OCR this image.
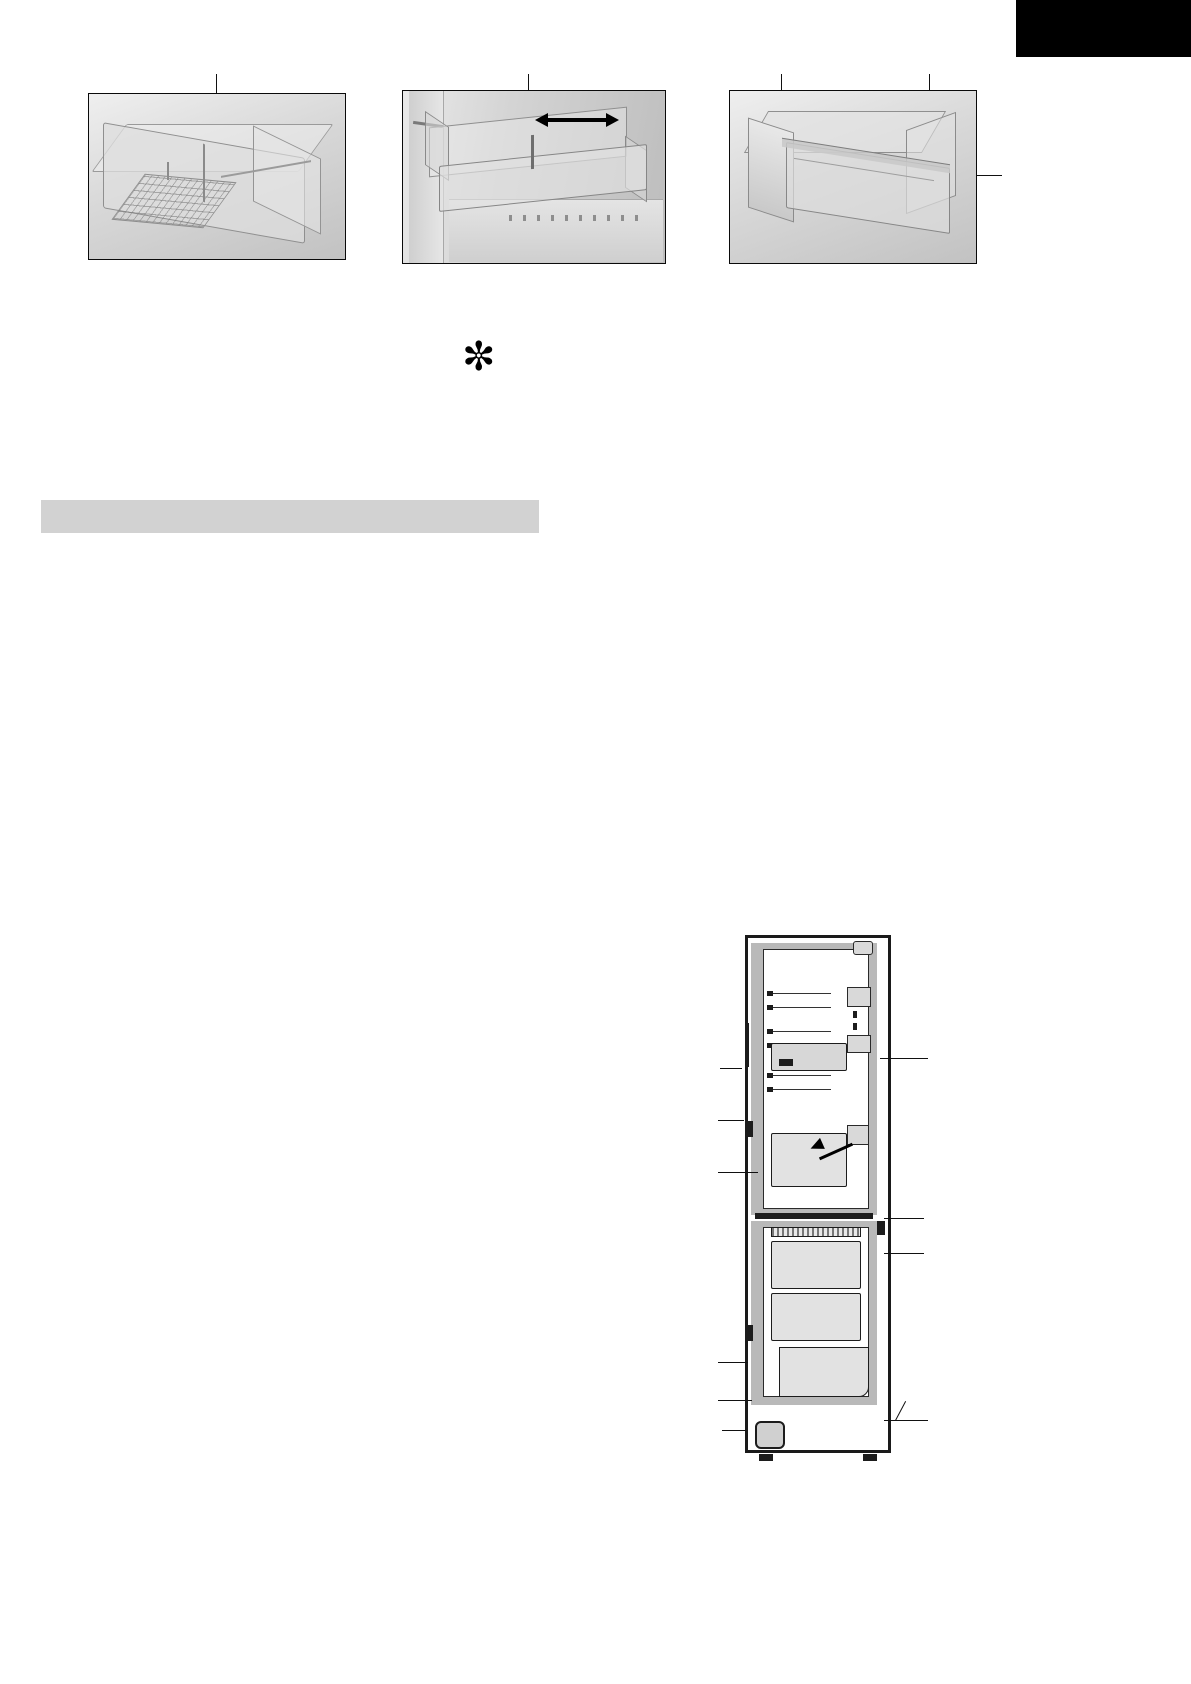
✼
